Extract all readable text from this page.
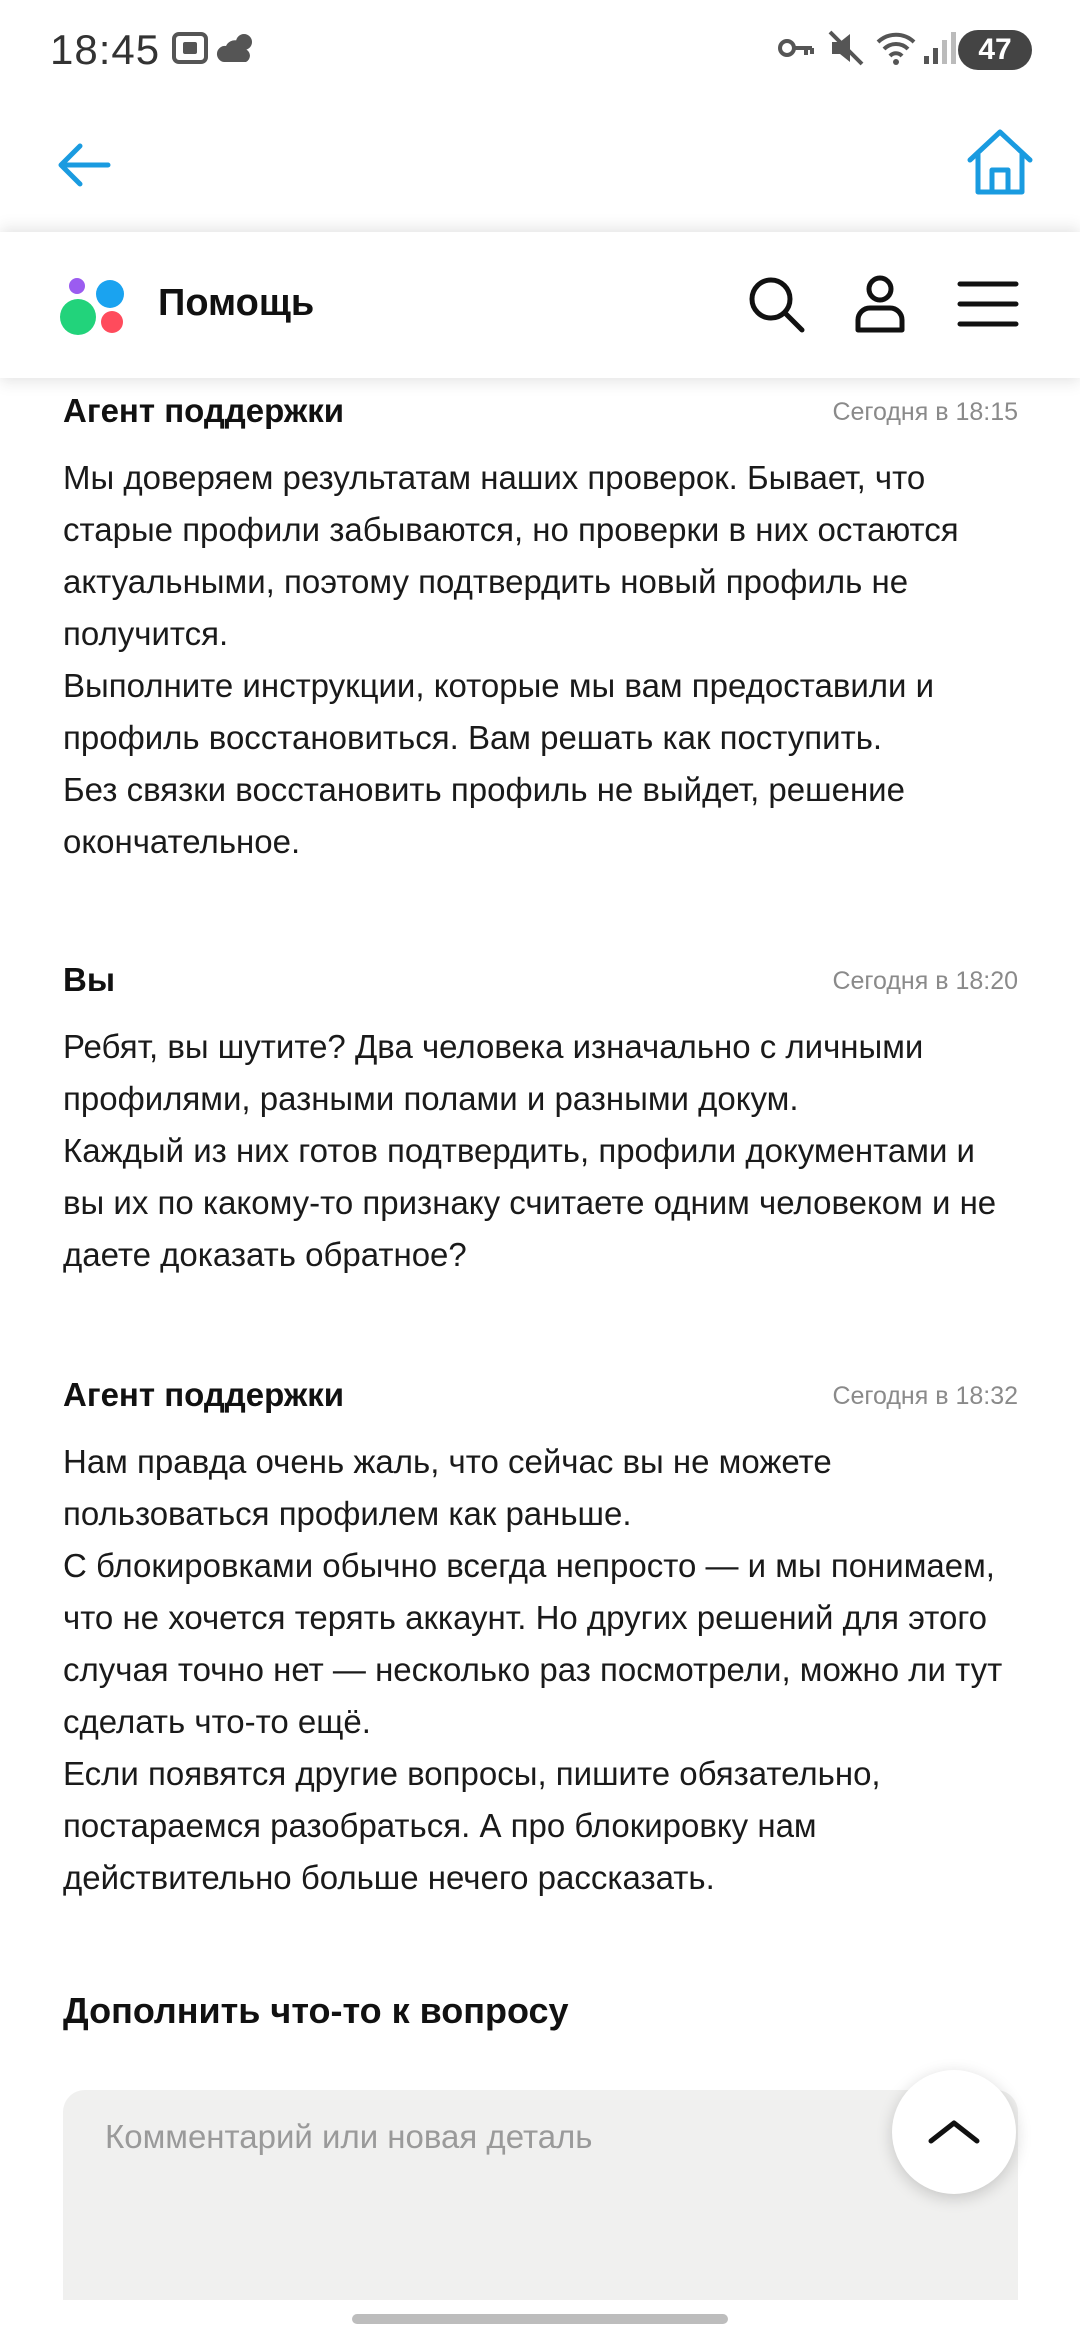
18:45	47
Помощь
Агент поддержки	Сегодня в 18:15

Мы доверяем результатам наших проверок. Бывает, что старые профили забываются, но проверки в них остаются актуальными, поэтому подтвердить новый профиль не получится.

Выполните инструкции, которые мы вам предоставили и профиль восстановиться. Вам решать как поступить.

Без связки восстановить профиль не выйдет, решение окончательное.

Вы	Сегодня в 18:20

Ребят, вы шутите? Два человека изначально с личными профилями, разными полами и разными докум.

Каждый из них готов подтвердить, профили документами и вы их по какому-то признаку считаете одним человеком и не даете доказать обратное?

Агент поддержки	Сегодня в 18:32

Нам правда очень жаль, что сейчас вы не можете пользоваться профилем как раньше.

С блокировками обычно всегда непросто — и мы понимаем, что не хочется терять аккаунт. Но других решений для этого случая точно нет — несколько раз посмотрели, можно ли тут сделать что-то ещё.

Если появятся другие вопросы, пишите обязательно, постараемся разобраться. А про блокировку нам действительно больше нечего рассказать.

Дополнить что-то к вопросу
Комментарий или новая деталь
